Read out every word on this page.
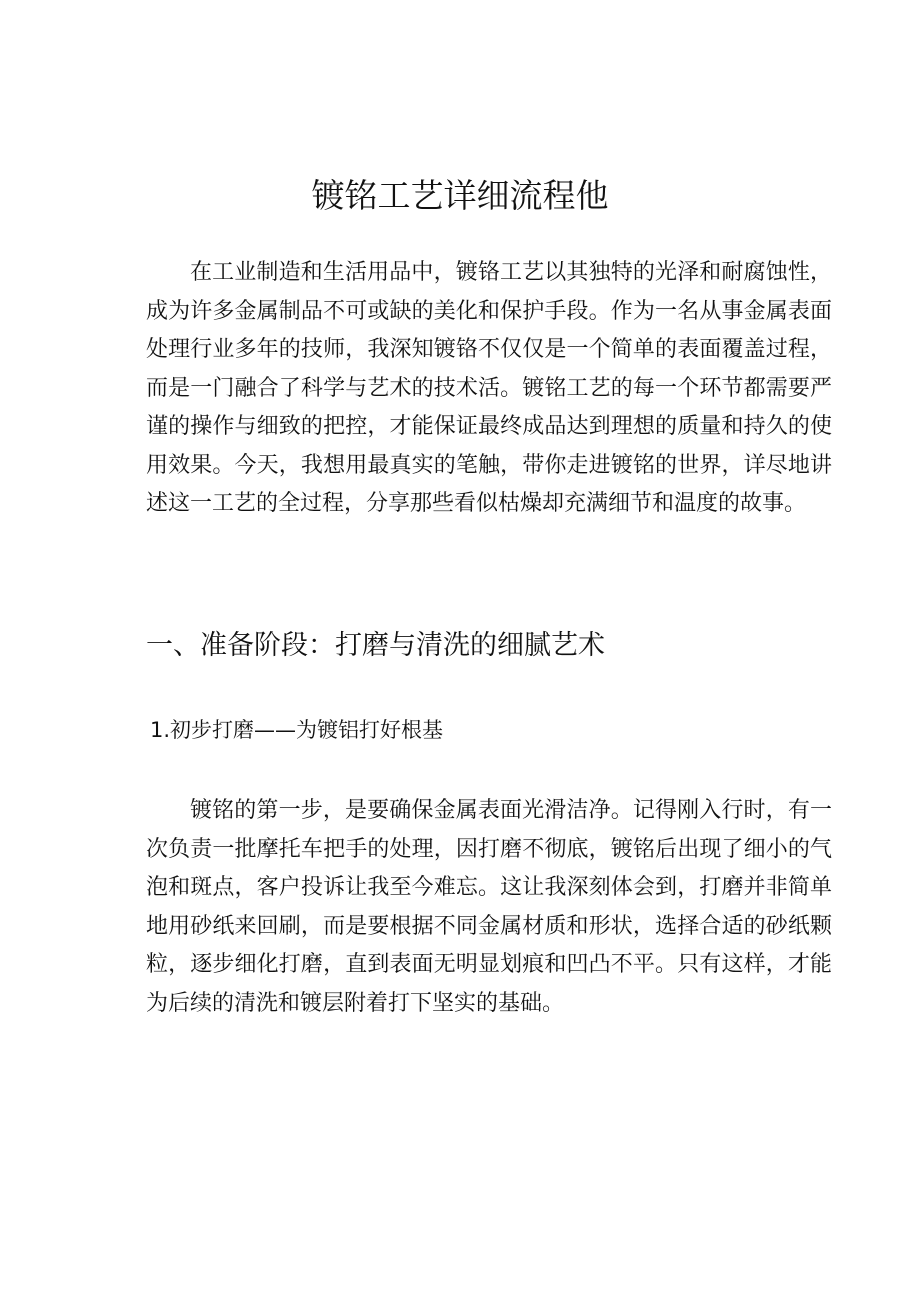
镀铭工艺详细流程他

在工业制造和生活用品中，镀铬工艺以其独特的光泽和耐腐蚀性，成为许多金属制品不可或缺的美化和保护手段。作为一名从事金属表面处理行业多年的技师，我深知镀铬不仅仅是一个简单的表面覆盖过程，而是一门融合了科学与艺术的技术活。镀铭工艺的每一个环节都需要严谨的操作与细致的把控，才能保证最终成品达到理想的质量和持久的使用效果。今天，我想用最真实的笔触，带你走进镀铭的世界，详尽地讲述这一工艺的全过程，分享那些看似枯燥却充满细节和温度的故事。

一、准备阶段：打磨与清洗的细腻艺术
1.初步打磨——为镀铝打好根基

镀铭的第一步，是要确保金属表面光滑洁净。记得刚入行时，有一次负责一批摩托车把手的处理，因打磨不彻底，镀铭后出现了细小的气泡和斑点，客户投诉让我至今难忘。这让我深刻体会到，打磨并非简单地用砂纸来回刷，而是要根据不同金属材质和形状，选择合适的砂纸颗粒，逐步细化打磨，直到表面无明显划痕和凹凸不平。只有这样，才能为后续的清洗和镀层附着打下坚实的基础。
